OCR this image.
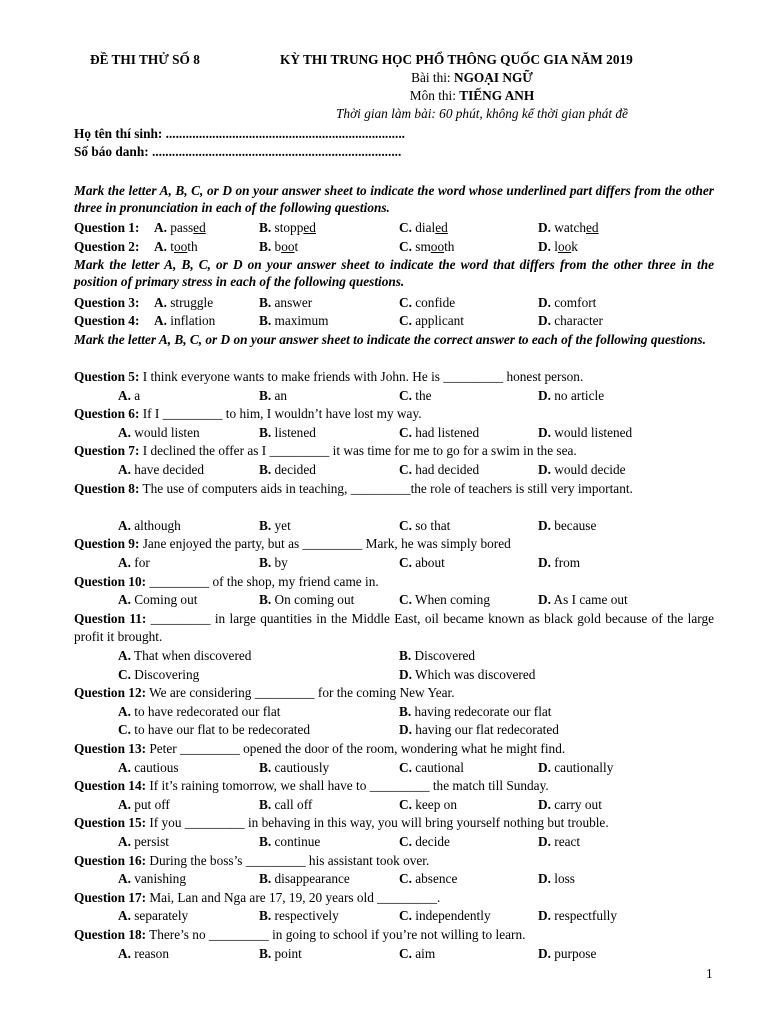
ĐỀ THI THỬ SỐ 8	KỲ THI TRUNG HỌC PHỔ THÔNG QUỐC GIA NĂM 2019
Bài thi: NGOẠI NGỮ
Môn thi: TIẾNG ANH
Thời gian làm bài: 60 phút, không kể thời gian phát đề
Họ tên thí sinh: ........................................................................
Số báo danh: ...........................................................................
Mark the letter A, B, C, or D on your answer sheet to indicate the word whose underlined part differs from the other three in pronunciation in each of the following questions.
Question 1:	A. passed	B. stopped	C. dialed	D. watched
Question 2:	A. tooth	B. boot	C. smooth	D. look
Mark the letter A, B, C, or D on your answer sheet to indicate the word that differs from the other three in the position of primary stress in each of the following questions.
Question 3:	A. struggle	B. answer	C. confide	D. comfort
Question 4:	A. inflation	B. maximum	C. applicant	D. character
Mark the letter A, B, C, or D on your answer sheet to indicate the correct answer to each of the following questions.
Question 5: I think everyone wants to make friends with John. He is _________ honest person.
A. a	B. an	C. the	D. no article
Question 6: If I _________ to him, I wouldn’t have lost my way.
A. would listen	B. listened	C. had listened	D. would listened
Question 7: I declined the offer as I _________ it was time for me to go for a swim in the sea.
A. have decided	B. decided	C. had decided	D. would decide
Question 8: The use of computers aids in teaching, _________the role of teachers is still very important.
A. although	B. yet	C. so that	D. because
Question 9: Jane enjoyed the party, but as _________ Mark, he was simply bored
A. for	B. by	C. about	D. from
Question 10: _________ of the shop, my friend came in.
A. Coming out	B. On coming out	C. When coming	D. As I came out
Question 11: _________ in large quantities in the Middle East, oil became known as black gold because of the large profit it brought.
A. That when discovered	B. Discovered
C. Discovering	D. Which was discovered
Question 12: We are considering _________ for the coming New Year.
A. to have redecorated our flat	B. having redecorate our flat
C. to have our flat to be redecorated	D. having our flat redecorated
Question 13: Peter _________ opened the door of the room, wondering what he might find.
A. cautious	B. cautiously	C. cautional	D. cautionally
Question 14: If it’s raining tomorrow, we shall have to _________ the match till Sunday.
A. put off	B. call off	C. keep on	D. carry out
Question 15: If you _________ in behaving in this way, you will bring yourself nothing but trouble.
A. persist	B. continue	C. decide	D. react
Question 16: During the boss’s _________ his assistant took over.
A. vanishing	B. disappearance	C. absence	D. loss
Question 17: Mai, Lan and Nga are 17, 19, 20 years old _________.
A. separately	B. respectively	C. independently	D. respectfully
Question 18: There’s no _________ in going to school if you’re not willing to learn.
A. reason	B. point	C. aim	D. purpose
1
